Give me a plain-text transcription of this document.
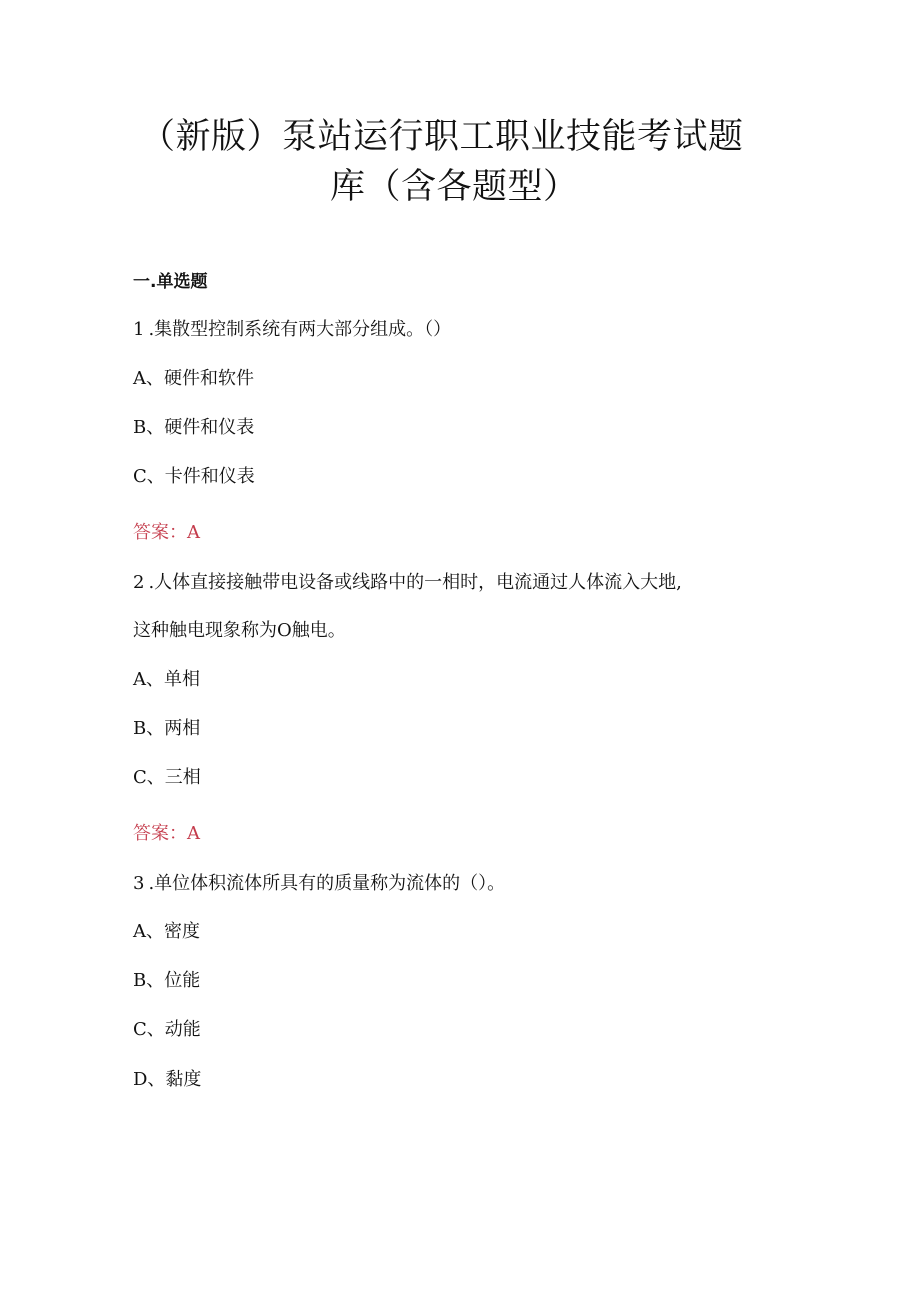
（新版）泵站运行职工职业技能考试题
库（含各题型）
一.单选题
1.集散型控制系统有两大部分组成。（）
A、硬件和软件
B、硬件和仪表
C、卡件和仪表
答案：A
2.人体直接接触带电设备或线路中的一相时，电流通过人体流入大地,
这种触电现象称为O触电。
A、单相
B、两相
C、三相
答案：A
3.单位体积流体所具有的质量称为流体的（）。
A、密度
B、位能
C、动能
D、黏度
